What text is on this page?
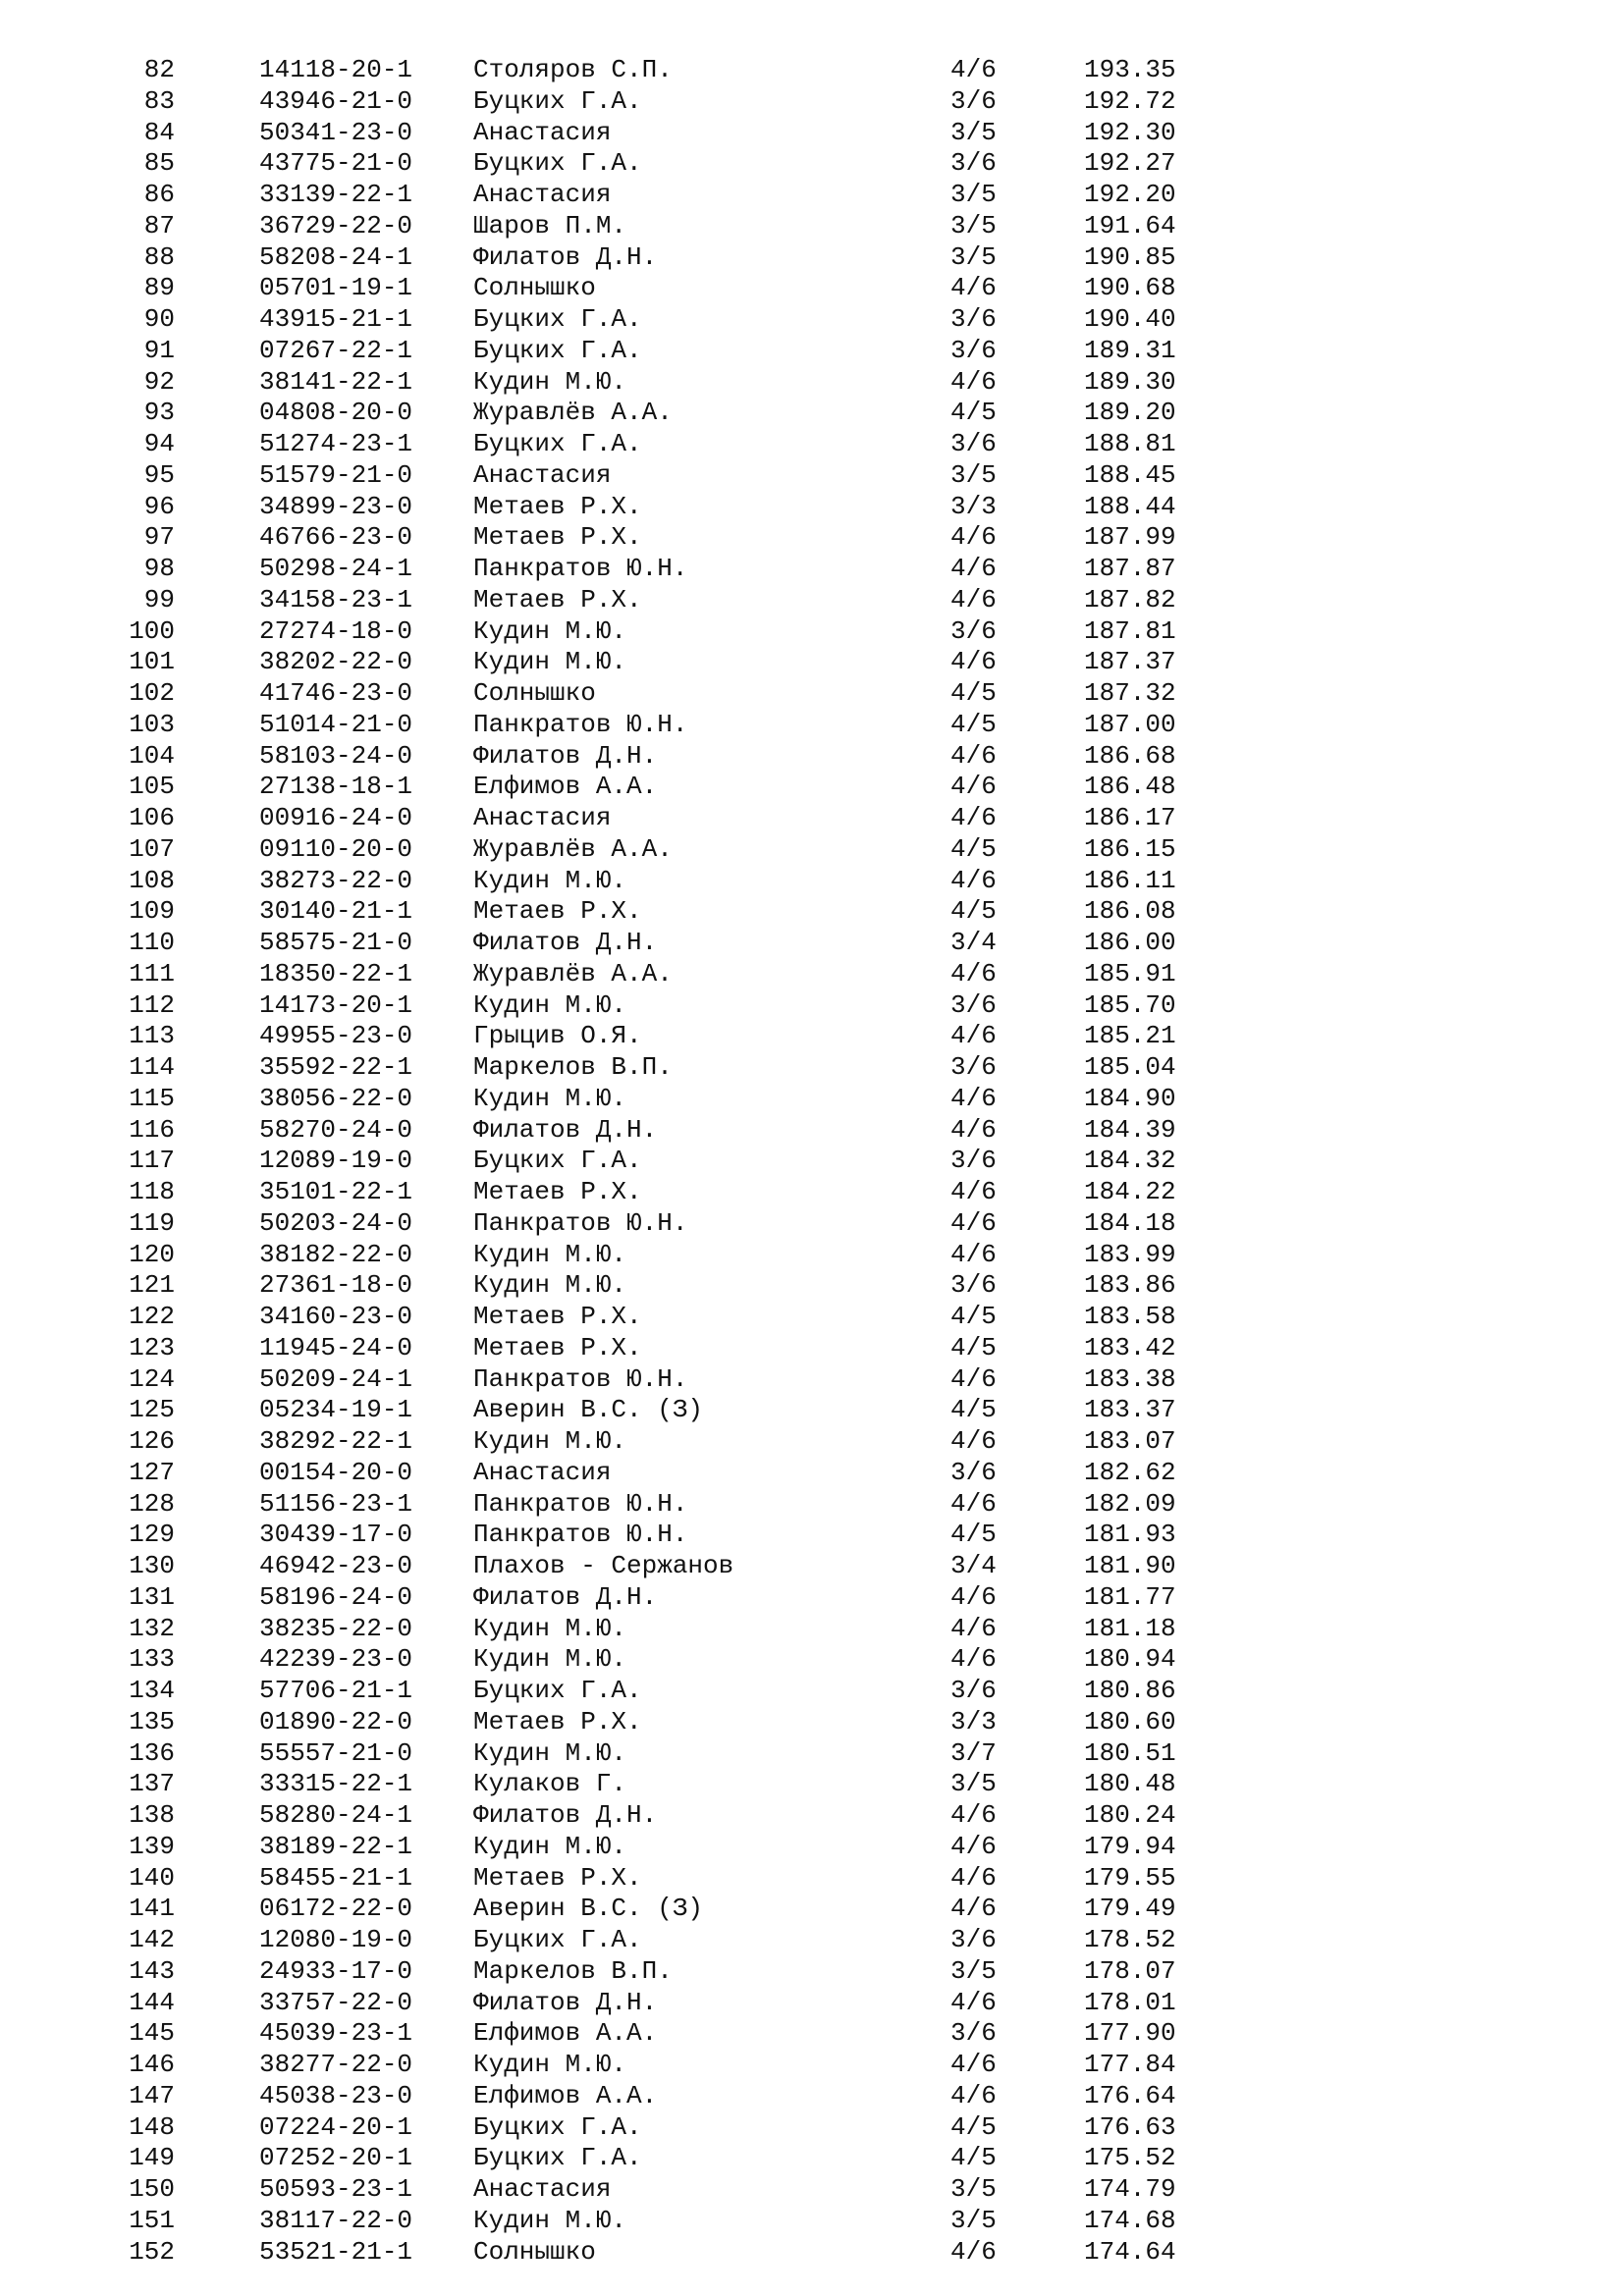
82	14118-20-1 Столяров С.П.	4/6	193.35
83	43946-21-0 Буцких Г.А.	3/6	192.72
84	50341-23-0 Анастасия	3/5	192.30
85	43775-21-0 Буцких Г.А.	3/6	192.27
86	33139-22-1 Анастасия	3/5	192.20
87	36729-22-0 Шаров П.М.	3/5	191.64
88	58208-24-1 Филатов Д.Н.	3/5	190.85
89	05701-19-1 Солнышко	4/6	190.68
90	43915-21-1 Буцких Г.А.	3/6	190.40
91	07267-22-1 Буцких Г.А.	3/6	189.31
92	38141-22-1 Кудин М.Ю.	4/6	189.30
93	04808-20-0 Журавлёв А.А.	4/5	189.20
94	51274-23-1 Буцких Г.А.	3/6	188.81
95	51579-21-0 Анастасия	3/5	188.45
96	34899-23-0 Метаев Р.Х.	3/3	188.44
97	46766-23-0 Метаев Р.Х.	4/6	187.99
98	50298-24-1 Панкратов Ю.Н.	4/6	187.87
99	34158-23-1 Метаев Р.Х.	4/6	187.82
100	27274-18-0 Кудин М.Ю.	3/6	187.81
101	38202-22-0 Кудин М.Ю.	4/6	187.37
102	41746-23-0 Солнышко	4/5	187.32
103	51014-21-0 Панкратов Ю.Н.	4/5	187.00
104	58103-24-0 Филатов Д.Н.	4/6	186.68
105	27138-18-1 Елфимов А.А.	4/6	186.48
106	00916-24-0 Анастасия	4/6	186.17
107	09110-20-0 Журавлёв А.А.	4/5	186.15
108	38273-22-0 Кудин М.Ю.	4/6	186.11
109	30140-21-1 Метаев Р.Х.	4/5	186.08
110	58575-21-0 Филатов Д.Н.	3/4	186.00
111	18350-22-1 Журавлёв А.А.	4/6	185.91
112	14173-20-1 Кудин М.Ю.	3/6	185.70
113	49955-23-0 Грыцив О.Я.	4/6	185.21
114	35592-22-1 Маркелов В.П.	3/6	185.04
115	38056-22-0 Кудин М.Ю.	4/6	184.90
116	58270-24-0 Филатов Д.Н.	4/6	184.39
117	12089-19-0 Буцких Г.А.	3/6	184.32
118	35101-22-1 Метаев Р.Х.	4/6	184.22
119	50203-24-0 Панкратов Ю.Н.	4/6	184.18
120	38182-22-0 Кудин М.Ю.	4/6	183.99
121	27361-18-0 Кудин М.Ю.	3/6	183.86
122	34160-23-0 Метаев Р.Х.	4/5	183.58
123	11945-24-0 Метаев Р.Х.	4/5	183.42
124	50209-24-1 Панкратов Ю.Н.	4/6	183.38
125	05234-19-1 Аверин В.С. (З)	4/5	183.37
126	38292-22-1 Кудин М.Ю.	4/6	183.07
127	00154-20-0 Анастасия	3/6	182.62
128	51156-23-1 Панкратов Ю.Н.	4/6	182.09
129	30439-17-0 Панкратов Ю.Н.	4/5	181.93
130	46942-23-0 Плахов - Сержанов	3/4	181.90
131	58196-24-0 Филатов Д.Н.	4/6	181.77
132	38235-22-0 Кудин М.Ю.	4/6	181.18
133	42239-23-0 Кудин М.Ю.	4/6	180.94
134	57706-21-1 Буцких Г.А.	3/6	180.86
135	01890-22-0 Метаев Р.Х.	3/3	180.60
136	55557-21-0 Кудин М.Ю.	3/7	180.51
137	33315-22-1 Кулаков Г.	3/5	180.48
138	58280-24-1 Филатов Д.Н.	4/6	180.24
139	38189-22-1 Кудин М.Ю.	4/6	179.94
140	58455-21-1 Метаев Р.Х.	4/6	179.55
141	06172-22-0 Аверин В.С. (З)	4/6	179.49
142	12080-19-0 Буцких Г.А.	3/6	178.52
143	24933-17-0 Маркелов В.П.	3/5	178.07
144	33757-22-0 Филатов Д.Н.	4/6	178.01
145	45039-23-1 Елфимов А.А.	3/6	177.90
146	38277-22-0 Кудин М.Ю.	4/6	177.84
147	45038-23-0 Елфимов А.А.	4/6	176.64
148	07224-20-1 Буцких Г.А.	4/5	176.63
149	07252-20-1 Буцких Г.А.	4/5	175.52
150	50593-23-1 Анастасия	3/5	174.79
151	38117-22-0 Кудин М.Ю.	3/5	174.68
152	53521-21-1 Солнышко	4/6	174.64
